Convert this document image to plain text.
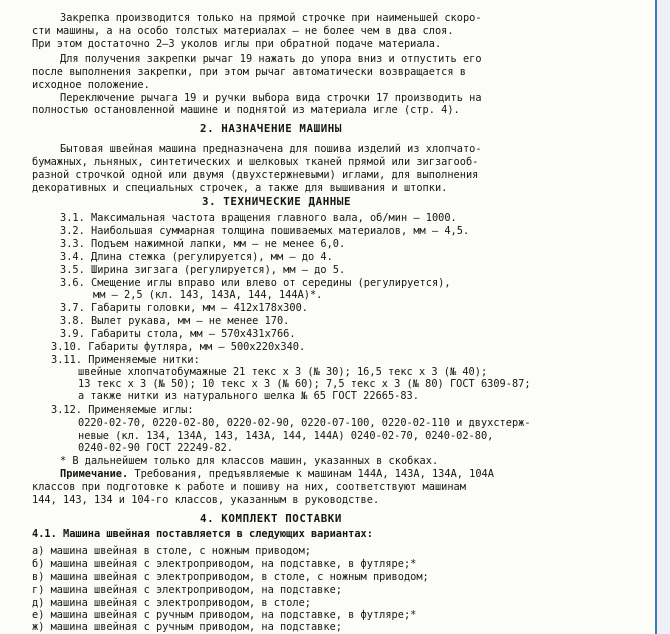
Закрепка производится только на прямой строчке при наименьшей скоро-
сти машины, а на особо толстых материалах — не более чем в два слоя.
При этом достаточно 2—3 уколов иглы при обратной подаче материала.
Для получения закрепки рычаг 19 нажать до упора вниз и отпустить его
после выполнения закрепки, при этом рычаг автоматически возвращается в
исходное положение.
Переключение рычага 19 и ручки выбора вида строчки 17 производить на
полностью остановленной машине и поднятой из материала игле (стр. 4).
2. НАЗНАЧЕНИЕ МАШИНЫ
Бытовая швейная машина предназначена для пошива изделий из хлопчато-
бумажных, льняных, синтетических и шелковых тканей прямой или зигзагооб-
разной строчкой одной или двумя (двухстержневыми) иглами, для выполнения
декоративных и специальных строчек, а также для вышивания и штопки.
3. ТЕХНИЧЕСКИЕ ДАННЫЕ
3.1. Максимальная частота вращения главного вала, об/мин — 1000.
3.2. Наибольшая суммарная толщина пошиваемых материалов, мм — 4,5.
3.3. Подъем нажимной лапки, мм — не менее 6,0.
3.4. Длина стежка (регулируется), мм — до 4.
3.5. Ширина зигзага (регулируется), мм — до 5.
3.6. Смещение иглы вправо или влево от середины (регулируется),
мм — 2,5 (кл. 143, 143А, 144, 144А)*.
3.7. Габариты головки, мм — 412х178х300.
3.8. Вылет рукава, мм — не менее 170.
3.9. Габариты стола, мм — 570х431х766.
3.10. Габариты футляра, мм — 500х220х340.
3.11. Применяемые нитки:
швейные хлопчатобумажные 21 текс х 3 (№ 30); 16,5 текс х 3 (№ 40);
13 текс х 3 (№ 50); 10 текс х 3 (№ 60); 7,5 текс х 3 (№ 80) ГОСТ 6309-87;
а также нитки из натурального шелка № 65 ГОСТ 22665-83.
3.12. Применяемые иглы:
0220-02-70, 0220-02-80, 0220-02-90, 0220-07-100, 0220-02-110 и двухстерж-
невые (кл. 134, 134А, 143, 143А, 144, 144А) 0240-02-70, 0240-02-80,
0240-02-90 ГОСТ 22249-82.
* В дальнейшем только для классов машин, указанных в скобках.
Примечание. Требования, предъявляемые к машинам 144А, 143А, 134А, 104А
классов при подготовке к работе и пошиву на них, соответствуют машинам
144, 143, 134 и 104-го классов, указанным в руководстве.
4. КОМПЛЕКТ ПОСТАВКИ
4.1. Машина швейная поставляется в следующих вариантах:
а) машина швейная в столе, с ножным приводом;
б) машина швейная с электроприводом, на подставке, в футляре;*
в) машина швейная с электроприводом, в столе, с ножным приводом;
г) машина швейная с электроприводом, на подставке;
д) машина швейная с электроприводом, в столе;
е) машина швейная с ручным приводом, на подставке, в футляре;*
ж) машина швейная с ручным приводом, на подставке;
